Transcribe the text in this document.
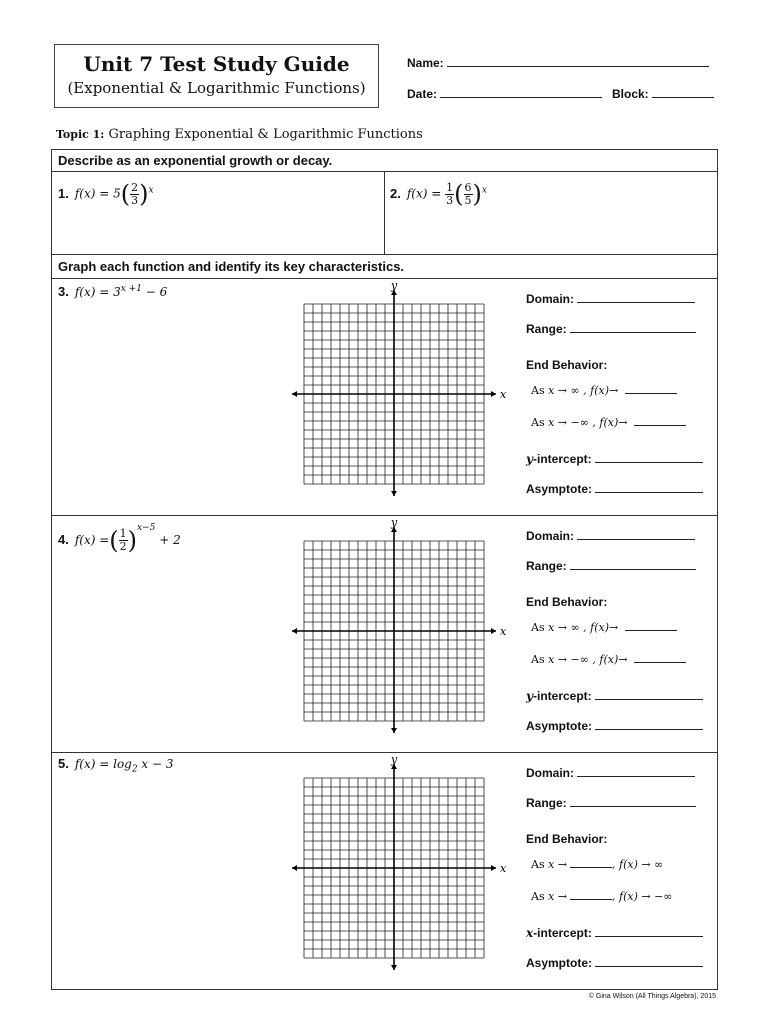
Unit 7 Test Study Guide
(Exponential & Logarithmic Functions)
Name:
Date:	Block:
Topic 1: Graphing Exponential & Logarithmic Functions
Describe as an exponential growth or decay.
1. $f(x) = 5( \frac{2}{3} )^x$	2. $f(x) = \frac{1}{3}$ ( $\frac{6}{5} )^x$
Graph each function and identify its key characteristics.
3. $f(x) = 3^{x +1} - 6$
4. f(x) =( $\frac{1}{2} )^{x-5} + 2$
5. $f(x) = \log_2 x - 3$
x
y
x
y
x
y
Domain:
Range:
End Behavior:
As x → ∞ , f(x)→
As x → −∞ , f(x)→
y-intercept:
Asymptote:
Domain:
Range:
End Behavior:
As x → ∞ , f(x)→
As x → −∞ , f(x)→
y-intercept:
Asymptote:
Domain:
Range:
End Behavior:
As x →	, f(x) → ∞
As x →	, f(x) → −∞
x-intercept:
Asymptote:
© Gina Wilson (All Things Algebra), 2015
